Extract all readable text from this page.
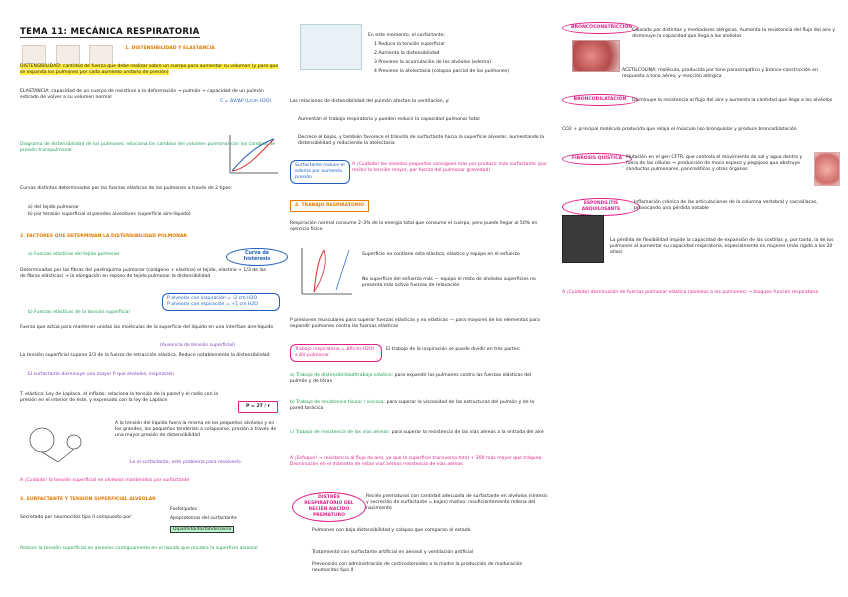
TEMA 11: MECÁNICA RESPIRATORIA
1. DISTENSIBILIDAD Y ELASTANCIA
DISTENSIBILIDAD: cantidad de fuerza que debe realizar sobre un cuerpo para aumentar su volumen (y para que se expanda los pulmones por cada aumento unitario de presión)
ELASTANCIA: capacidad de un cuerpo de resistirse a la deformación → pulmón → capacidad de un pulmón estirado de volver a su volumen normal
C = ΔV/ΔP (L/cm H2O)
Diagrama de distensibilidad de los pulmones: relaciona los cambios del volumen pulmonar con los cambios de presión transpulmonar
Curvas distintas determinadas por las fuerzas elásticas de los pulmones a través de 2 tipos:
a) del tejido pulmonar
b) por tensión superficial al paredes alveolares (superficie aire-líquido)
2. FACTORES QUE DETERMINAN LA DISTENSIBILIDAD PULMONAR
a) Fuerzas elásticas del tejido pulmonar	Curva de histéresis
Determinadas por las fibras del parénquima pulmonar (colágeno + elastina) el tejido, elastina + 1/3 de las de fibras elásticas) → la elongación en reposo de tejido pulmonar la distensibilidad
P alveolar con inspiración = -2 cm H2O
P alveolar con espiración = +1 cm H2O
b) Fuerzas elásticas de la tensión superficial
Fuerza que actúa para mantener unidas las moléculas de la superficie del líquido en una interfase aire-líquido
(Ausencia de tensión superficial)
La tensión superficial supone 2/3 de la fuerza de retracción elástica. Reduce notablemente la distensibilidad
El surfactante disminuye una mayor P que alvéolos, inspiración
T. elástica: Ley de Laplace, el inflado: relaciona la tensión de la pared y el radio con la presión en el interior de éste, y expresado con la ley de Laplace
P = 2T / r
A la tensión del líquido fuera la misma en los pequeños alvéolos y en los grandes, los pequeños tenderían a colapsarse, presión a través de una mayor presión de distensibilidad
Lo el surfactante, este problema para resolverlo
A ¡Cuidado! la tensión superficial en alvéolos mantenidos por surfactante
3. SURFACTANTE Y TENSIÓN SUPERFICIAL ALVEOLAR
Secretado por neumocitos tipo II compuesto por:
Fosfolípidos
Apoproteínas del surfactante
Dipalmitoilfosfatidilcolina
Reduce la tensión superficial en alveolos contiguamente en el líquido que recubre la superficie alveolar
En este momento, el surfactante:
1 Reduce la tensión superficial
2 Aumenta la distensibilidad
3 Previene la acumulación de los alvéolos (edema)
4 Previene la atelectasia (colapso parcial de los pulmones)
Las relaciones de distensibilidad del pulmón afectan la ventilación, y:
Aumentan el trabajo respiratorio y pueden reducir la capacidad pulmonar total
Decrece el bajos, y también favorece el tránsito de surfactante hacia la superficie alveolar, aumentando la distensibilidad y reduciendo la atelectasia
Surfactante reduce el edema por aumento presión
A ¡Cuidado! los alveolos pequeños consiguen más por producir más surfactante (por recibir la tensión mayor, por fuerza del pulmonar gravedad)
4. TRABAJO RESPIRATORIO
Respiración normal consume 2–3% de la energía total que consume el cuerpo, pero puede llegar al 50% en ejercicio físico
Superficie no contiene esta elástica, elástico y equipo en el esfuerzo
No superficie del esfuerzo más — equipo el resto de alvéolos superficies no presenta más active fuerzas de relaxación
P presiones musculares para superar fuerzas elásticas y no elásticas — para mayores de los elementos para expandir pulmones contra las fuerzas elásticas
Trabajo respiratorio = ΔP(cm H2O) x ΔV pulmonar
El trabajo de la inspiración se puede dividir en tres partes:
a) Trabajo de distensibilidad/trabajo elástico: para expandir los pulmones contra las fuerzas elásticas del pulmón y de tórax
b) Trabajo de resistencia tisular / viscosa: para superar la viscosidad de las estructuras del pulmón y de la pared torácica
c) Trabajo de resistencia de las vías aéreas: para superar la resistencia de las vías aéreas a la entrada del aire
A ¡Enfoque! → resistencia al flujo de aire, ya que la superficie transversa total + 200 más mayor que tráquea. Disminución en el diámetro de estas vías aéreas resistencia de vías aéreas
DISTRÉS RESPIRATORIO DEL RECIÉN NACIDO PREMATURO
Recién prematuros con cantidad adecuada de surfactante en alvéolos (síntesis y secreción de surfactante = bajos) motivo: insuficientemente rellena del nacimiento
Pulmones con baja distensibilidad y colapso que comparan al estado
Tratamiento con surfactante artificial en aerosol y ventilación artificial
Prevención con administración de corticosteroides a la madre la producción de maduración neumocitos tipo II
BRONCOCONSTRICCIÓN
Causada por distintas y mediadores alérgicos. Aumenta la resistencia del flujo del aire y disminuye la capacidad que llega a los alvéolos
ACETILCOLINA: molécula, producida por tono parasimpático y bronco-constricción en respuesta a tono aéreo, y reacción alérgica
BRONCODILATACIÓN	Disminuye la resistencia al flujo del aire y aumenta la cantidad que llega a los alvéolos
CO2 + principal molécula producida que relaja el músculo liso bronquiolar y produce broncodilatación
FIBROSIS QUÍSTICA Mutación en el gen CFTR, que controla el movimiento de sal y agua dentro y fuera de las células → producción de moco espeso y pegajoso que obstruye conductos pulmonares, pancreáticos y otros órganos
ESPONDILITIS ANQUILOSANTE
Inflamación crónica de las articulaciones de la columna vertebral y sacroilíacas, provocando una pérdida notable
La pérdida de flexibilidad impide la capacidad de expansión de las costillas y, por tanto, la de los pulmones al aumentar su capacidad respiratoria, especialmente en mujeres (más rígido a los 20 años)
A ¡Cuidado! disminución de fuerzas pulmonar elástica (alvéolos a los pulmones) → bloqueo función respiratoria
